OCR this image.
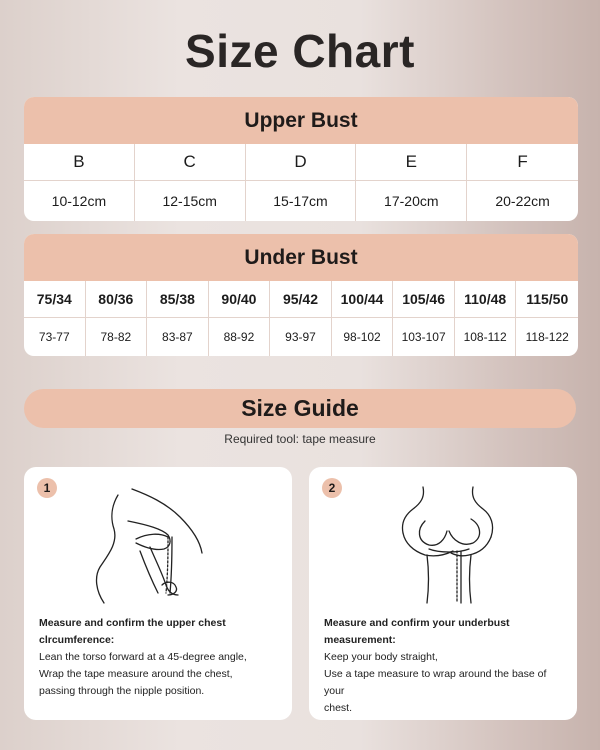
Size Chart
Upper Bust
B	C	D	E	F
10-12cm	12-15cm	15-17cm	17-20cm	20-22cm
Under Bust
75/34	80/36	85/38	90/40	95/42	100/44	105/46	110/48	115/50
73-77	78-82	83-87	88-92	93-97	98-102	103-107	108-112	118-122
Size Guide
Required tool: tape measure
1
Measure and confirm the upper chest
clrcumference:
Lean the torso forward at a 45-degree angle,
Wrap the tape measure around the chest,
passing through the nipple position.
2
Measure and confirm your underbust
measurement:
Keep your body straight,
Use a tape measure to wrap around the base of your
chest.
